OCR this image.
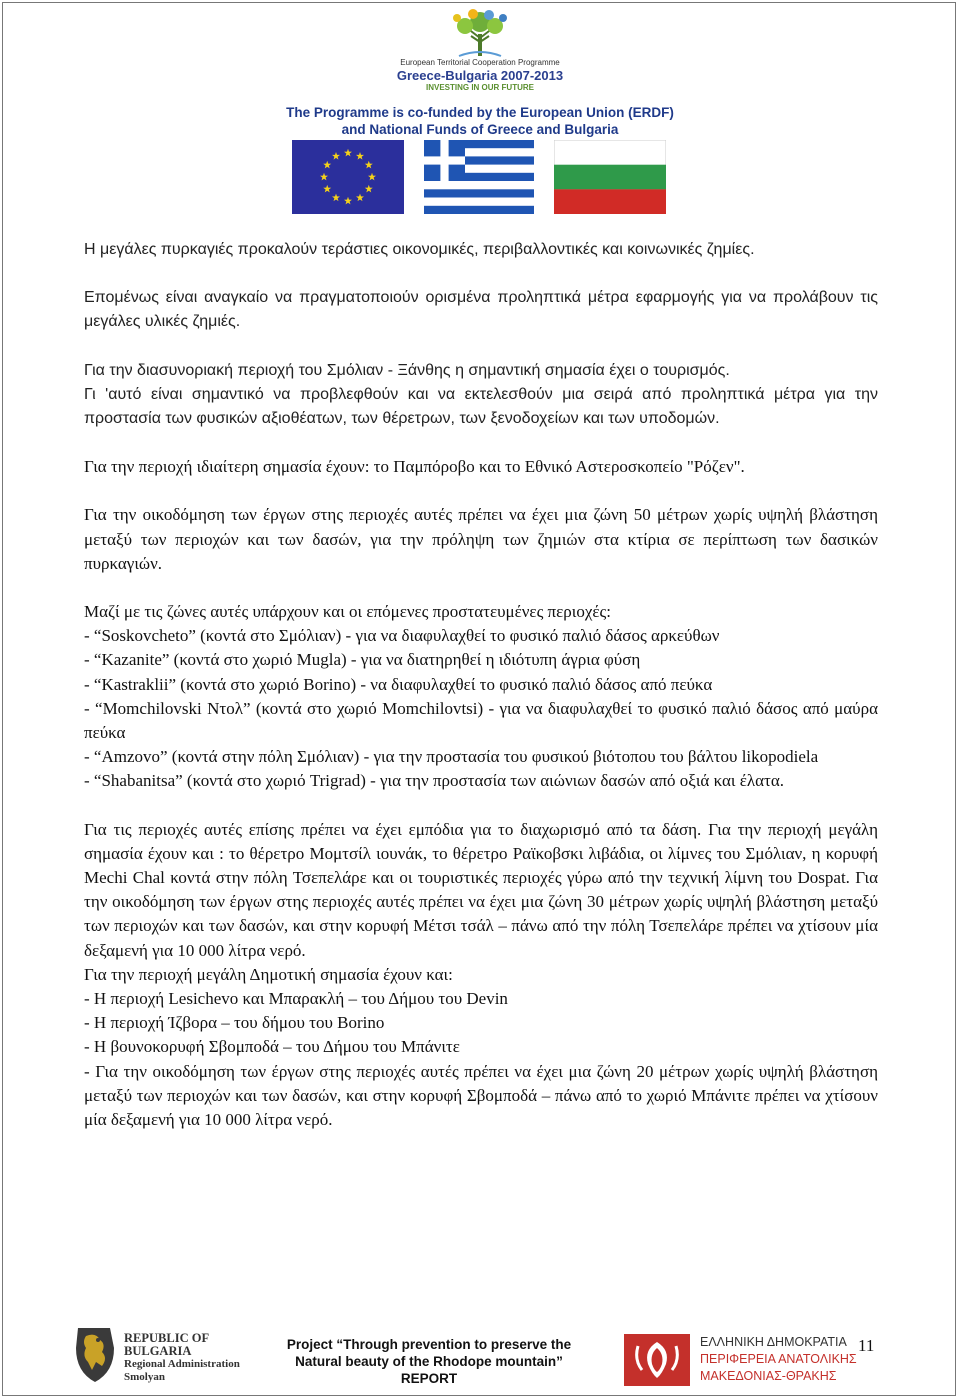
European Territorial Cooperation Programme
Greece-Bulgaria 2007-2013
INVESTING IN OUR FUTURE
The Programme is co-funded by the European Union (ERDF)
and National Funds of Greece and Bulgaria

Η μεγάλες πυρκαγιές προκαλούν τεράστιες οικονομικές, περιβαλλοντικές και κοινωνικές ζημίες.

Επομένως είναι αναγκαίο να πραγματοποιούν ορισμένα προληπτικά μέτρα εφαρμογής για να προλάβουν τις μεγάλες υλικές ζημιές.

Για την διασυνοριακή περιοχή του Σμόλιαν - Ξάνθης η σημαντική σημασία έχει ο τουρισμός.

Γι 'αυτό είναι σημαντικό να προβλεφθούν και να εκτελεσθούν μια σειρά από προληπτικά μέτρα για την προστασία των φυσικών αξιοθέατων, των θέρετρων, των ξενοδοχείων και των υποδομών.

Για την περιοχή ιδιαίτερη σημασία έχουν: το Παμπόροβο και το Εθνικό Αστεροσκοπείο "Ρόζεν".

Για την οικοδόμηση των έργων στης περιοχές αυτές πρέπει να έχει μια ζώνη 50 μέτρων χωρίς υψηλή βλάστηση μεταξύ των περιοχών και των δασών, για την πρόληψη των ζημιών στα κτίρια σε περίπτωση των δασικών πυρκαγιών.

Μαζί με τις ζώνες αυτές υπάρχουν και οι επόμενες προστατευμένες περιοχές:

- “Soskovcheto” (κοντά στο Σμόλιαν) - για να διαφυλαχθεί το φυσικό παλιό δάσος αρκεύθων

- “Kazanite” (κοντά στο χωριό Mugla) - για να διατηρηθεί η ιδιότυπη άγρια φύση

- “Kastraklii” (κοντά στο χωριό Borino) - να διαφυλαχθεί το φυσικό παλιό δάσος από πεύκα

- “Momchilovski Ντολ” (κοντά στο χωριό Momchilovtsi) - για να διαφυλαχθεί το φυσικό παλιό δάσος από μαύρα πεύκα

- “Amzovo” (κοντά στην πόλη Σμόλιαν) - για την προστασία του φυσικού βιότοπου του βάλτου likopodiela

- “Shabanitsa” (κοντά στο χωριό Trigrad) - για την προστασία των αιώνιων δασών από οξιά και έλατα.

Για τις περιοχές αυτές επίσης πρέπει να έχει εμπόδια για το διαχωρισμό από τα δάση. Για την περιοχή μεγάλη σημασία έχουν και : το θέρετρο Μομτσίλ ιουνάκ, το θέρετρο Ραϊκοβσκι λιβάδια, οι λίμνες του Σμόλιαν, η κορυφή Mechi Chal κοντά στην πόλη Τσεπελάρε και οι τουριστικές περιοχές γύρω από την τεχνική λίμνη του Dospat. Για την οικοδόμηση των έργων στης περιοχές αυτές πρέπει να έχει μια ζώνη 30 μέτρων χωρίς υψηλή βλάστηση μεταξύ των περιοχών και των δασών, και στην κορυφή Μέτσι τσάλ – πάνω από την πόλη Τσεπελάρε πρέπει να χτίσουν μία δεξαμενή για 10 000 λίτρα νερό.

Για την περιοχή μεγάλη Δημοτική σημασία έχουν και:

- Η περιοχή Lesichevo και Μπαρακλή – του Δήμου του Devin

- Η περιοχή Ίζβορα – του δήμου του Borino

- Η βουνοκορυφή Σβομποδά – του Δήμου του Μπάνιτε

- Για την οικοδόμηση των έργων στης περιοχές αυτές πρέπει να έχει μια ζώνη 20 μέτρων χωρίς υψηλή βλάστηση μεταξύ των περιοχών και των δασών, και στην κορυφή Σβομποδά – πάνω από το χωριό Μπάνιτε πρέπει να χτίσουν μία δεξαμενή για 10 000 λίτρα νερό.

REPUBLIC OF BULGARIA
Regional Administration
Smolyan
Project “Through prevention to preserve the
Natural beauty of the Rhodope mountain”
REPORT
ΕΛΛΗΝΙΚΗ ΔΗΜΟΚΡΑΤΙΑ
ΠΕΡΙΦΕΡΕΙΑ ΑΝΑΤΟΛΙΚΗΣ
ΜΑΚΕΔΟΝΙΑΣ-ΘΡΑΚΗΣ
11
